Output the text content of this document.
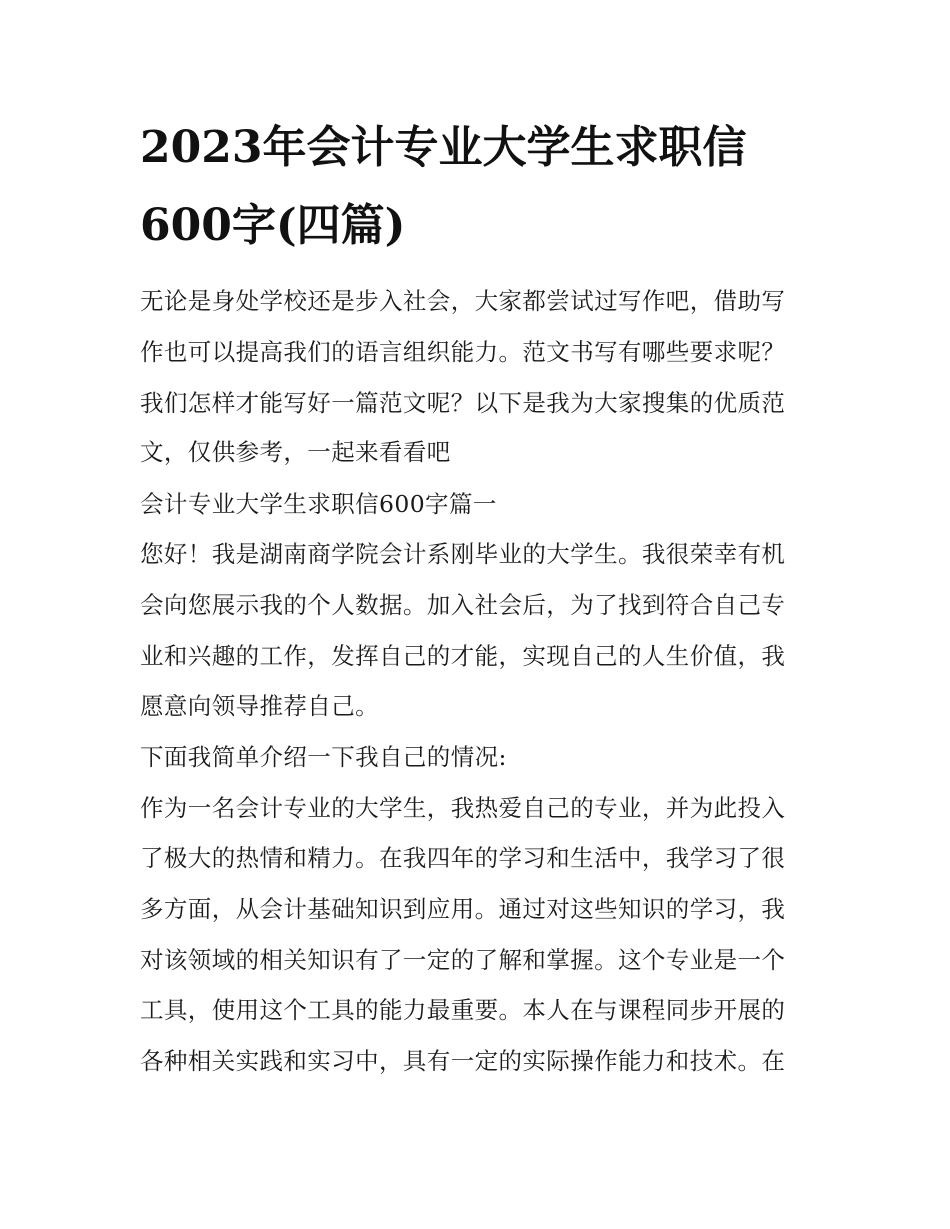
2023年会计专业大学生求职信
600字(四篇)

无论是身处学校还是步入社会，大家都尝试过写作吧，借助写

作也可以提高我们的语言组织能力。范文书写有哪些要求呢？

我们怎样才能写好一篇范文呢？以下是我为大家搜集的优质范

文，仅供参考，一起来看看吧

会计专业大学生求职信600字篇一

您好！我是湖南商学院会计系刚毕业的大学生。我很荣幸有机

会向您展示我的个人数据。加入社会后，为了找到符合自己专

业和兴趣的工作，发挥自己的才能，实现自己的人生价值，我

愿意向领导推荐自己。

下面我简单介绍一下我自己的情况:

作为一名会计专业的大学生，我热爱自己的专业，并为此投入

了极大的热情和精力。在我四年的学习和生活中，我学习了很

多方面，从会计基础知识到应用。通过对这些知识的学习，我

对该领域的相关知识有了一定的了解和掌握。这个专业是一个

工具，使用这个工具的能力最重要。本人在与课程同步开展的

各种相关实践和实习中，具有一定的实际操作能力和技术。在
